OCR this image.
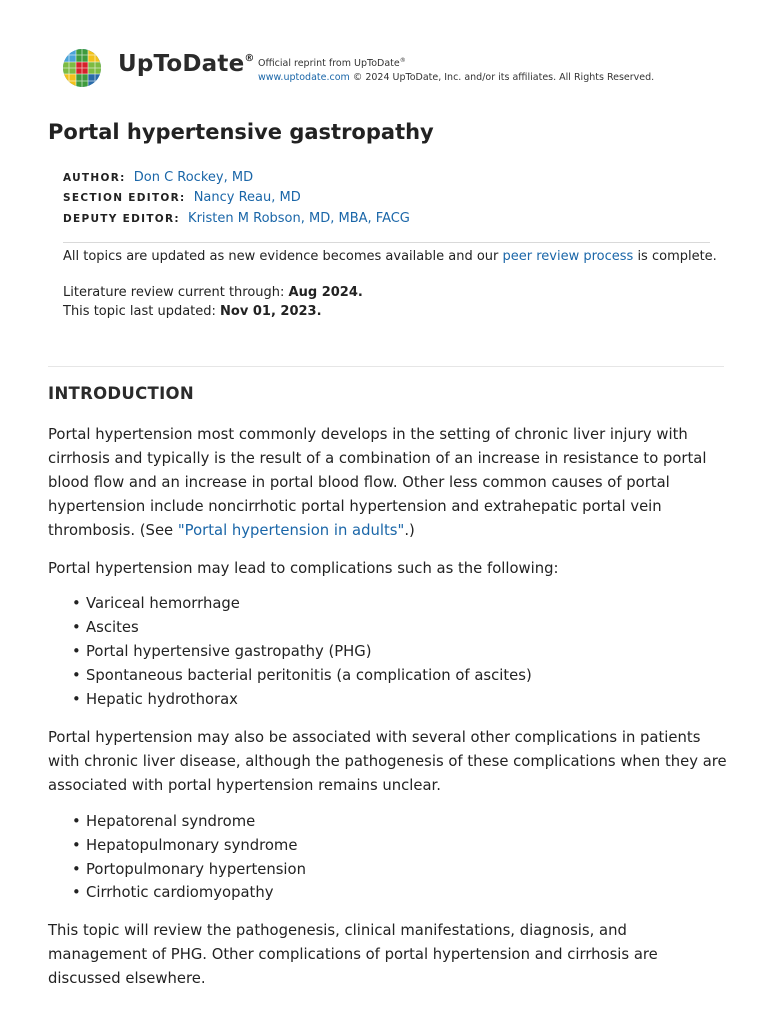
UpToDate® Official reprint from UpToDate®
www.uptodate.com © 2024 UpToDate, Inc. and/or its affiliates. All Rights Reserved.
Portal hypertensive gastropathy
AUTHOR: Don C Rockey, MD
SECTION EDITOR: Nancy Reau, MD
DEPUTY EDITOR: Kristen M Robson, MD, MBA, FACG
All topics are updated as new evidence becomes available and our peer review process is complete.
Literature review current through: Aug 2024.
This topic last updated: Nov 01, 2023.
INTRODUCTION

Portal hypertension most commonly develops in the setting of chronic liver injury with cirrhosis and typically is the result of a combination of an increase in resistance to portal blood flow and an increase in portal blood flow. Other less common causes of portal hypertension include noncirrhotic portal hypertension and extrahepatic portal vein thrombosis. (See "Portal hypertension in adults".)

Portal hypertension may lead to complications such as the following:

• Variceal hemorrhage
• Ascites
• Portal hypertensive gastropathy (PHG)
• Spontaneous bacterial peritonitis (a complication of ascites)
• Hepatic hydrothorax

Portal hypertension may also be associated with several other complications in patients with chronic liver disease, although the pathogenesis of these complications when they are associated with portal hypertension remains unclear.

• Hepatorenal syndrome
• Hepatopulmonary syndrome
• Portopulmonary hypertension
• Cirrhotic cardiomyopathy

This topic will review the pathogenesis, clinical manifestations, diagnosis, and management of PHG. Other complications of portal hypertension and cirrhosis are discussed elsewhere.
